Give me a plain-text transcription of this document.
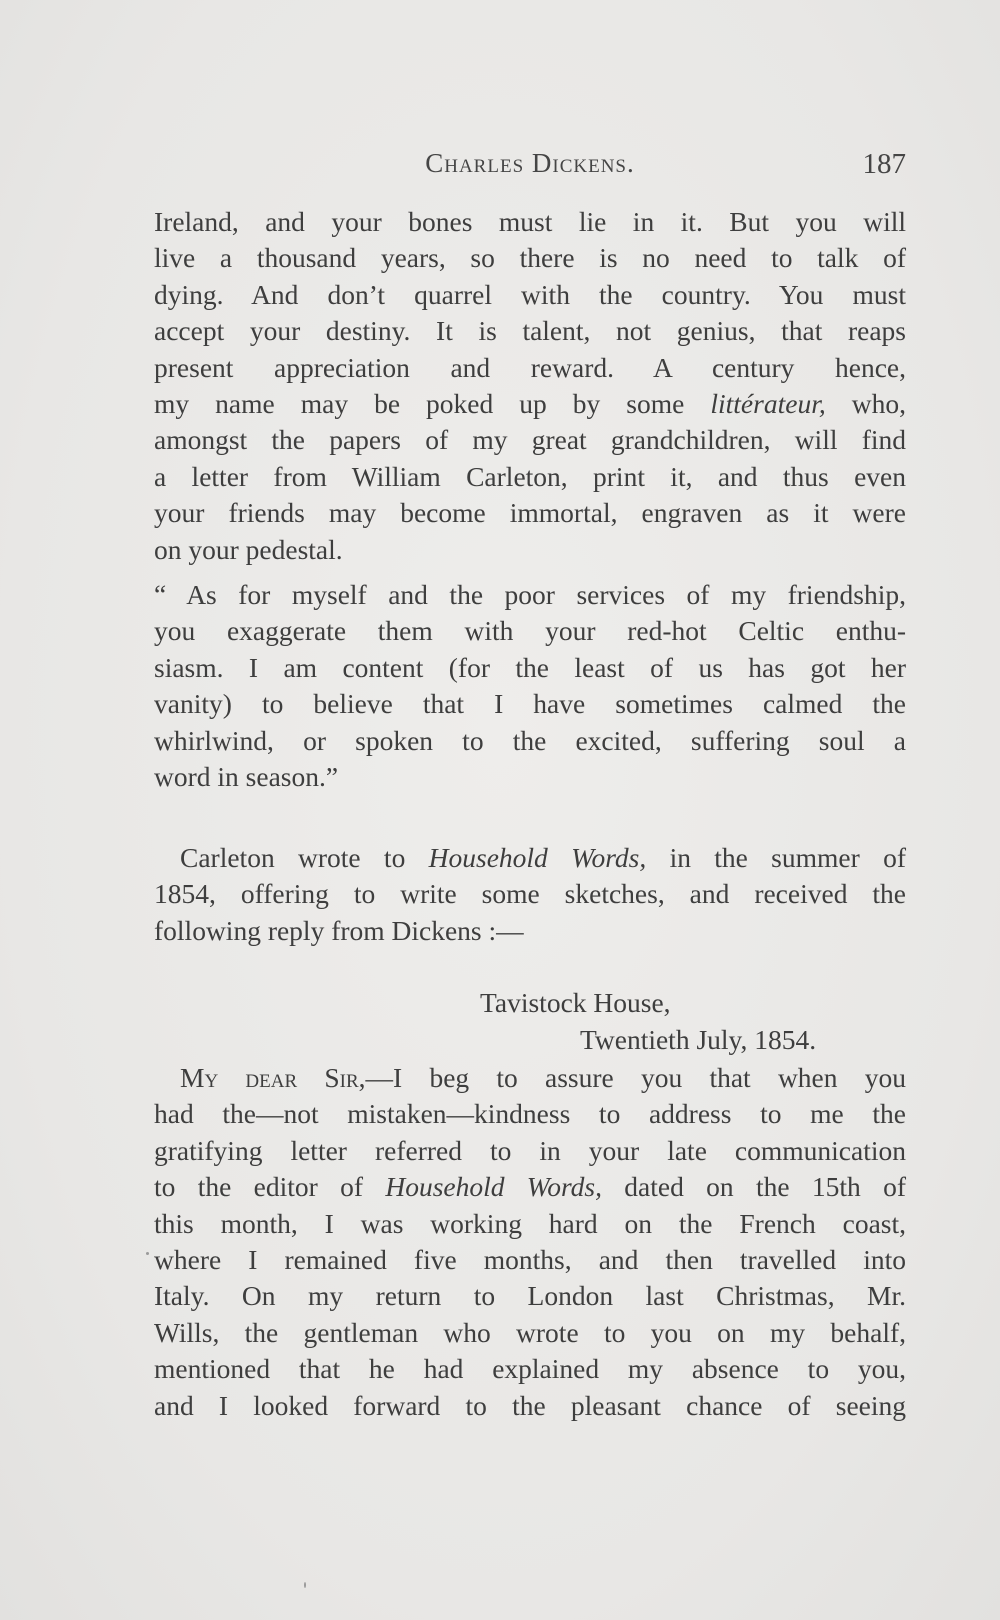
Charles Dickens.	187
Ireland, and your bones must lie in it. But you will
live a thousand years, so there is no need to talk of
dying. And don’t quarrel with the country. You must
accept your destiny. It is talent, not genius, that reaps
present appreciation and reward. A century hence,
my name may be poked up by some littérateur, who,
amongst the papers of my great grandchildren, will find
a letter from William Carleton, print it, and thus even
your friends may become immortal, engraven as it were
on your pedestal.
“ As for myself and the poor services of my friendship,
you exaggerate them with your red-hot Celtic enthu-
siasm. I am content (for the least of us has got her
vanity) to believe that I have sometimes calmed the
whirlwind, or spoken to the excited, suffering soul a
word in season.”
Carleton wrote to Household Words, in the summer of
1854, offering to write some sketches, and received the
following reply from Dickens :—
Tavistock House,
Twentieth July, 1854.
My dear Sir,—I beg to assure you that when you
had the—not mistaken—kindness to address to me the
gratifying letter referred to in your late communication
to the editor of Household Words, dated on the 15th of
this month, I was working hard on the French coast,
where I remained five months, and then travelled into
Italy. On my return to London last Christmas, Mr.
Wills, the gentleman who wrote to you on my behalf,
mentioned that he had explained my absence to you,
and I looked forward to the pleasant chance of seeing
